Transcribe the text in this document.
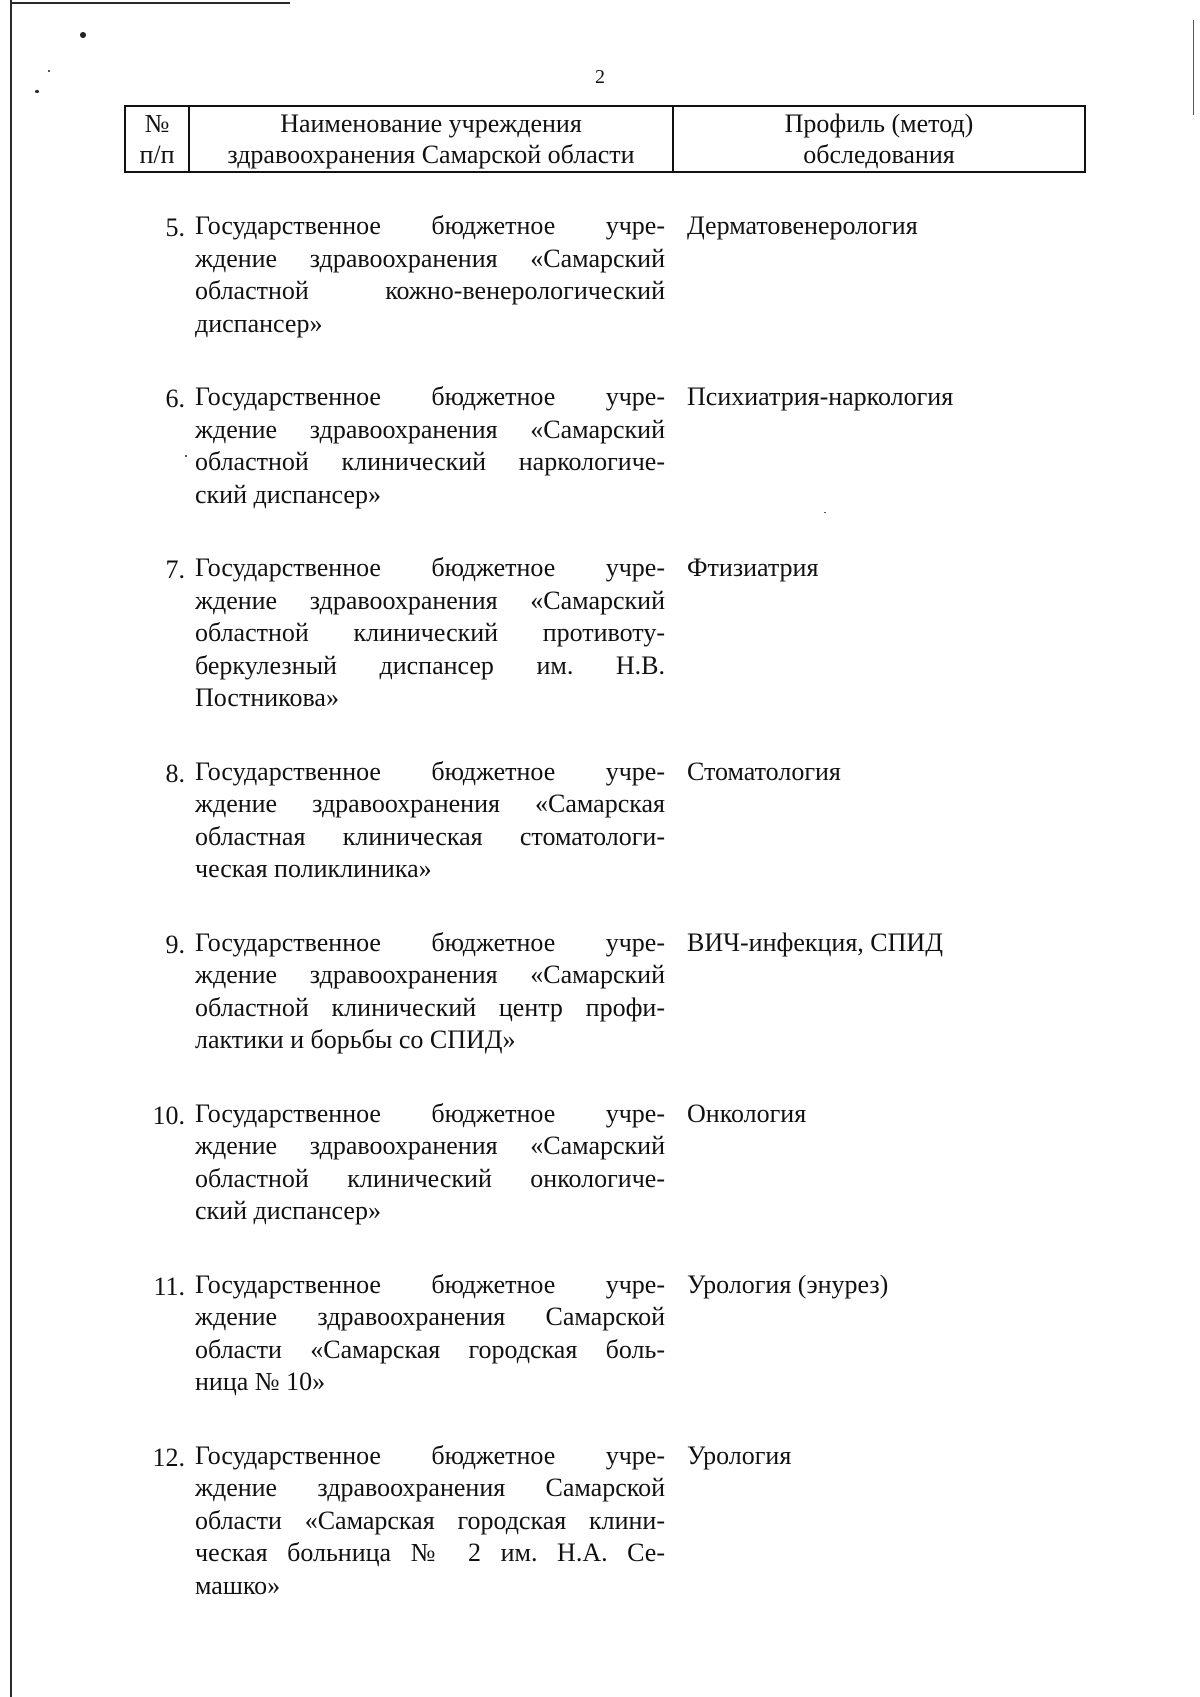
2
№
п/п
Наименование учреждения
здравоохранения Самарской области
Профиль (метод)
обследования
5. Государственное бюджетное учре-
ждение здравоохранения «Самарский
областной кожно-венерологический
диспансер»
Дерматовенерология
6. Государственное бюджетное учре-
ждение здравоохранения «Самарский
областной клинический наркологиче-
ский диспансер»
Психиатрия-наркология
7. Государственное бюджетное учре-
ждение здравоохранения «Самарский
областной клинический противоту-
беркулезный диспансер им. Н.В.
Постникова»
Фтизиатрия
8. Государственное бюджетное учре-
ждение здравоохранения «Самарская
областная клиническая стоматологи-
ческая поликлиника»
Стоматология
9. Государственное бюджетное учре-
ждение здравоохранения «Самарский
областной клинический центр профи-
лактики и борьбы со СПИД»
ВИЧ-инфекция, СПИД
10. Государственное бюджетное учре-
ждение здравоохранения «Самарский
областной клинический онкологиче-
ский диспансер»
Онкология
11. Государственное бюджетное учре-
ждение здравоохранения Самарской
области «Самарская городская боль-
ница № 10»
Урология (энурез)
12. Государственное бюджетное учре-
ждение здравоохранения Самарской
области «Самарская городская клини-
ческая больница № 2 им. Н.А. Се-
машко»
Урология
